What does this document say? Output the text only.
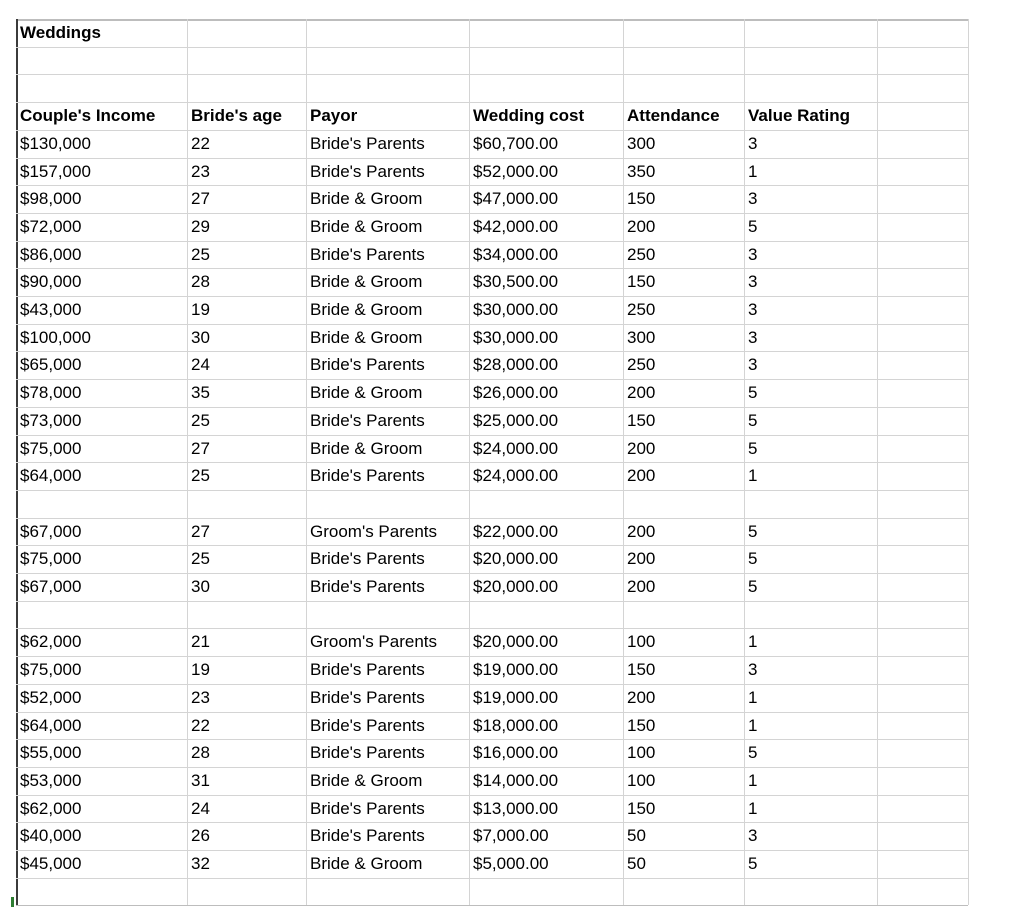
Weddings
Couple's Income	Bride's age	Payor	Wedding cost	Attendance	Value Rating
$130,000	22	Bride's Parents	$60,700.00	300	3
$157,000	23	Bride's Parents	$52,000.00	350	1
$98,000	27	Bride & Groom	$47,000.00	150	3
$72,000	29	Bride & Groom	$42,000.00	200	5
$86,000	25	Bride's Parents	$34,000.00	250	3
$90,000	28	Bride & Groom	$30,500.00	150	3
$43,000	19	Bride & Groom	$30,000.00	250	3
$100,000	30	Bride & Groom	$30,000.00	300	3
$65,000	24	Bride's Parents	$28,000.00	250	3
$78,000	35	Bride & Groom	$26,000.00	200	5
$73,000	25	Bride's Parents	$25,000.00	150	5
$75,000	27	Bride & Groom	$24,000.00	200	5
$64,000	25	Bride's Parents	$24,000.00	200	1
$67,000	27	Groom's Parents	$22,000.00	200	5
$75,000	25	Bride's Parents	$20,000.00	200	5
$67,000	30	Bride's Parents	$20,000.00	200	5
$62,000	21	Groom's Parents	$20,000.00	100	1
$75,000	19	Bride's Parents	$19,000.00	150	3
$52,000	23	Bride's Parents	$19,000.00	200	1
$64,000	22	Bride's Parents	$18,000.00	150	1
$55,000	28	Bride's Parents	$16,000.00	100	5
$53,000	31	Bride & Groom	$14,000.00	100	1
$62,000	24	Bride's Parents	$13,000.00	150	1
$40,000	26	Bride's Parents	$7,000.00	50	3
$45,000	32	Bride & Groom	$5,000.00	50	5
